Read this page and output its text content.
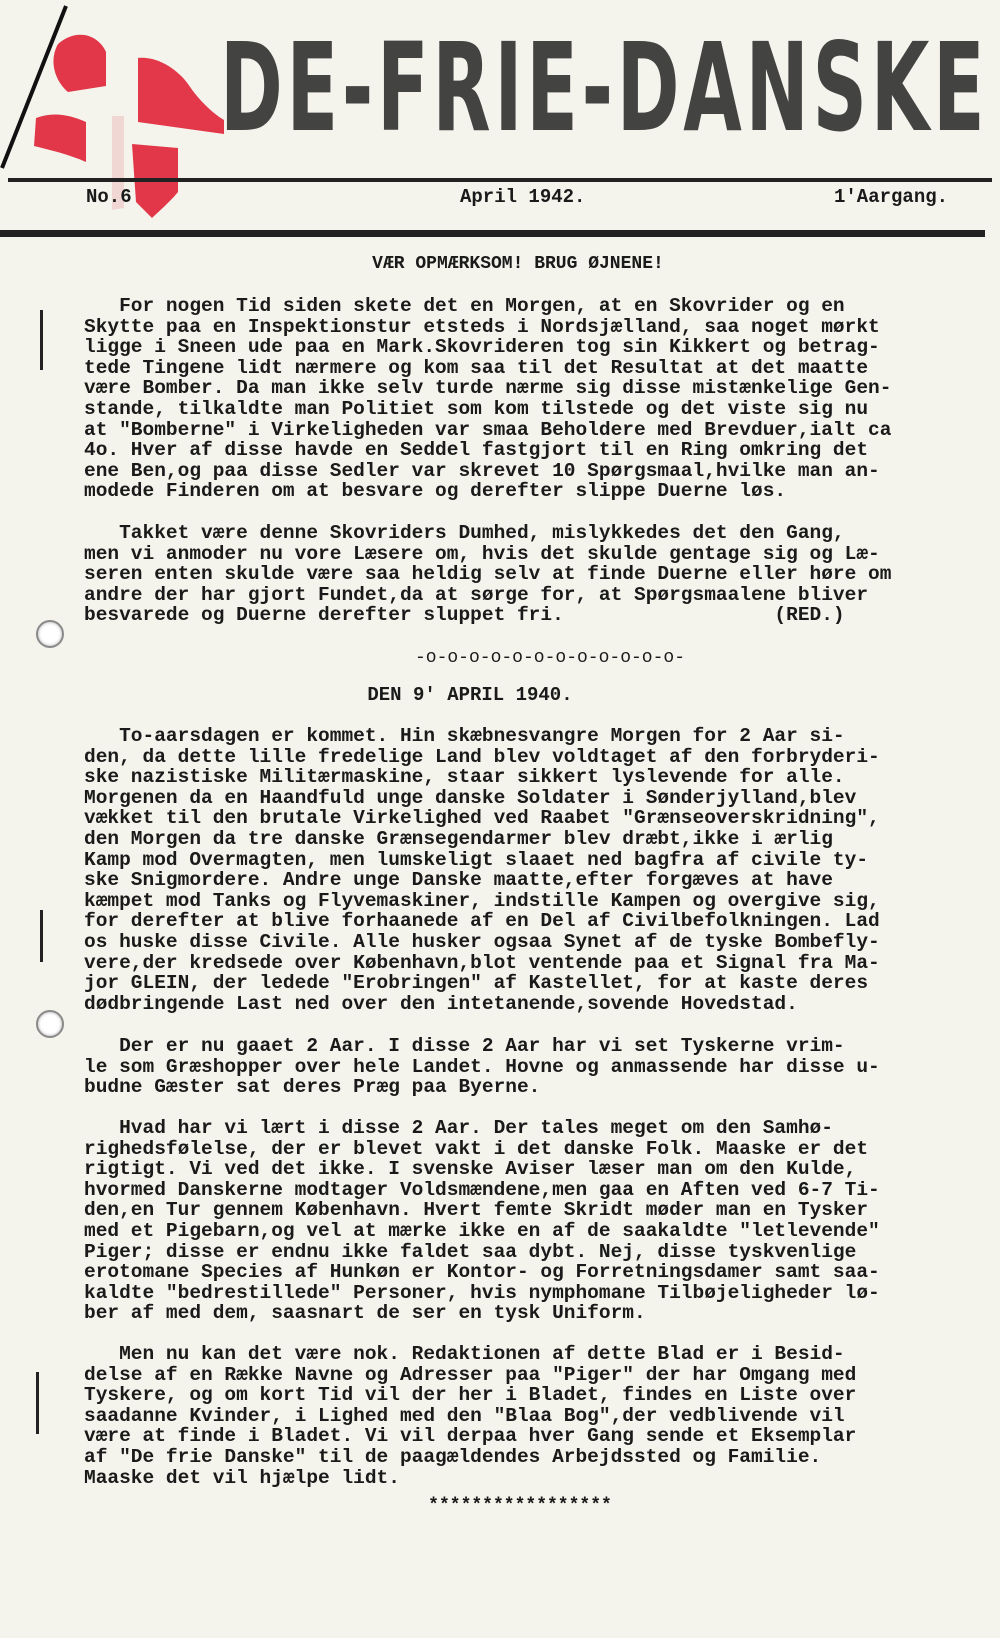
DE-FRIE-DANSKE
No.6	April 1942.	1'Aargang.
VÆR OPMÆRKSOM! BRUG ØJNENE!
For nogen Tid siden skete det en Morgen, at en Skovrider og en
Skytte paa en Inspektionstur etsteds i Nordsjælland, saa noget mørkt
ligge i Sneen ude paa en Mark.Skovrideren tog sin Kikkert og betrag-
tede Tingene lidt nærmere og kom saa til det Resultat at det maatte
være Bomber. Da man ikke selv turde nærme sig disse mistænkelige Gen-
stande, tilkaldte man Politiet som kom tilstede og det viste sig nu
at "Bomberne" i Virkeligheden var smaa Beholdere med Brevduer,ialt ca
4o. Hver af disse havde en Seddel fastgjort til en Ring omkring det
ene Ben,og paa disse Sedler var skrevet 10 Spørgsmaal,hvilke man an-
modede Finderen om at besvare og derefter slippe Duerne løs.
Takket være denne Skovriders Dumhed, mislykkedes det den Gang,
men vi anmoder nu vore Læsere om, hvis det skulde gentage sig og Læ-
seren enten skulde være saa heldig selv at finde Duerne eller høre om
andre der har gjort Fundet,da at sørge for, at Spørgsmaalene bliver
besvarede og Duerne derefter sluppet fri.                  (RED.)
-o-o-o-o-o-o-o-o-o-o-o-o-
DEN 9' APRIL 1940.
To-aarsdagen er kommet. Hin skæbnesvangre Morgen for 2 Aar si-
den, da dette lille fredelige Land blev voldtaget af den forbryderi-
ske nazistiske Militærmaskine, staar sikkert lyslevende for alle.
Morgenen da en Haandfuld unge danske Soldater i Sønderjylland,blev
vækket til den brutale Virkelighed ved Raabet "Grænseoverskridning",
den Morgen da tre danske Grænsegendarmer blev dræbt,ikke i ærlig
Kamp mod Overmagten, men lumskeligt slaaet ned bagfra af civile ty-
ske Snigmordere. Andre unge Danske maatte,efter forgæves at have
kæmpet mod Tanks og Flyvemaskiner, indstille Kampen og overgive sig,
for derefter at blive forhaanede af en Del af Civilbefolkningen. Lad
os huske disse Civile. Alle husker ogsaa Synet af de tyske Bombefly-
vere,der kredsede over København,blot ventende paa et Signal fra Ma-
jor GLEIN, der ledede "Erobringen" af Kastellet, for at kaste deres
dødbringende Last ned over den intetanende,sovende Hovedstad.
Der er nu gaaet 2 Aar. I disse 2 Aar har vi set Tyskerne vrim-
le som Græshopper over hele Landet. Hovne og anmassende har disse u-
budne Gæster sat deres Præg paa Byerne.
Hvad har vi lært i disse 2 Aar. Der tales meget om den Samhø-
righedsfølelse, der er blevet vakt i det danske Folk. Maaske er det
rigtigt. Vi ved det ikke. I svenske Aviser læser man om den Kulde,
hvormed Danskerne modtager Voldsmændene,men gaa en Aften ved 6-7 Ti-
den,en Tur gennem København. Hvert femte Skridt møder man en Tysker
med et Pigebarn,og vel at mærke ikke en af de saakaldte "letlevende"
Piger; disse er endnu ikke faldet saa dybt. Nej, disse tyskvenlige
erotomane Species af Hunkøn er Kontor- og Forretningsdamer samt saa-
kaldte "bedrestillede" Personer, hvis nymphomane Tilbøjeligheder lø-
ber af med dem, saasnart de ser en tysk Uniform.
Men nu kan det være nok. Redaktionen af dette Blad er i Besid-
delse af en Række Navne og Adresser paa "Piger" der har Omgang med
Tyskere, og om kort Tid vil der her i Bladet, findes en Liste over
saadanne Kvinder, i Lighed med den "Blaa Bog",der vedblivende vil
være at finde i Bladet. Vi vil derpaa hver Gang sende et Eksemplar
af "De frie Danske" til de paagældendes Arbejdssted og Familie.
Maaske det vil hjælpe lidt.
*****************
